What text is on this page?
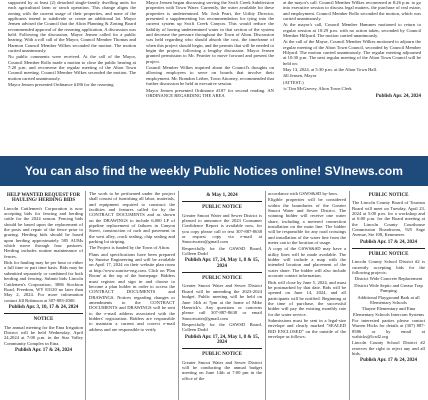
supported by at least (2) detached single-family dwelling units for each agricultural farm or ranch operation. This change aligns the zoning with the current usage of their properties, and none of the applicants intend to subdivide or create an additional lot. Mayor Jensen advised the Council that the Alton Planning & Zoning Board recommended approval of the rezoning application. A discussion was held. Following the discussion, Mayor Jensen called for a public hearing. With a roll call of the Mayor, Council Member Thomas and Harmon Council Member Wilkes seconded the motion. The motion carried unanimously.

No public comments were received. At the call of the Mayor, Council Member Rollo made a motion to close the public hearing at 7:20 p.m. and reconvene the regular meeting of the Alton Town Council meeting. Council Member Wilkes seconded the motion. The motion carried unanimously.

Mayor Jensen presented Ordinance #186 for the rezoning

Mayor Jensen began discussing serving the Swift Creek Subdivision properties with Town Water. Currently, the water available for these properties is undetermined. Mr. Josh Peart, the Utility Director, presented a supplementing his recommendation for tying into the current system up Swift Creek Canyon. This would reduce the liability of having undetermined water in that section of the system and decrease the pressure throughout the Town of Alton. Discussion was held regarding who should absorb the cost, the timeframe of when this project should begin, and the permits that will be needed to begin the project, following a lengthy discussion. Mayor Jensen granted permission to Mr. Peartier to move forward and present the project.

Council Member Wilkes inquired about the Council's thoughts on allowing employees to serve on boards that involve their employment. Mr. Brandon Leiber, Town Attorney, recommended that further discussion be held in executive session.

Mayor Jensen presented Ordinance #187 for second reading. AN ORDINANCE REGARDING THE AREA

at the mayor's call. Council Member Wilkes reconvened at 8:26 p.m. to go into executive session to discuss legal matters, the purchase of real estate, and employment. Council Member Rollo seconded the motion, which was carried unanimously.

At the mayor's call, Council Member Hammes motioned to return to regular session at 10:29 p.m. with no action taken, seconded by Council Member Hillyard. The motion carried unanimously.

At the call of the Mayor, Council Member Wilkes motioned to adjourn the regular meeting of the Alton Town Council, seconded by Council Member Hilyard. The motion carried unanimously. The regular meeting adjourned at 10:30 p.m. The next regular meeting of the Alton Town Council will be held on:

May 13, 2024, at 5:30 p.m. at the Alton Town Hall.

Jill Jensen, Mayor

(ATTEST:)

/s/ Tim McGarvey, Alton Town Clerk

Publish Apr. 24, 2024
You can also find the weekly Public Notices online! SVInews.com
HELP WANTED REQUEST FOR HAULING/ HERDING BIDS

Lincoln Cattlemen's Corporation is now accepting bids for fencing and herding cattle for the 2024 season. Fencing bids should be based upon the replacement of the posts and repair of the fence prior to grazing. Herding bids should be based upon herding approximately 585 AUMs which move through four pastures. Herding includes routine maintenance of fences.

Bids for hauling may be per hour or either a full time or part time basis. Bids may be submitted separately or combined for both herding and fencing. Submit bids Lincoln Cattlemen's Corporation, 3886 Stockton Road, Freedom, WY 83120 no later than May 2, 2024. For more information contact Jill Robinson at 307-883-2000.

Publish Apr. 3, 10, 17 & 24, 2024
NOTICE

The annual meeting for the Etna Irrigation District will be held Wednesday, April 24,2024 at 7:00 p.m. in the Star Valley Community Complex in Etna.

Publish Apr. 17 & 24, 2024

The work to be performed under the project shall consist of furnishing all labor, materials, and equipment required to construct the facilities and features called for by the CONTRACT DOCUMENTS and as shown on the DRAWINGS to include 6,000 LF of pipeline replacement of failures in Canyon Street, construction of curb and pavement in the west alley, crack sealing, chip sealing and parking lot striping.

The Project is funded by the Town of Afton.

Plans and specifications have been prepared by Sunrise Engineering and will be available on April 17, 2024 on their website plan room at http://www.sunrise-eng.com. Click on 'Plan Room' at the top of the homepage. Bidders must register and sign in and choose to become a plan holder in order to access the CONTRACT DOCUMENTS and DRAWINGS. Notices regarding changes or amendments to the CONTRACT DOCUMENTS and DRAWINGS will be sent to the e-mail address associated with the bidders' registration. Bidders are responsible to maintain a current and correct e-mail address and are responsible to verify

& May 1, 2024
PUBLIC NOTICE

Greater Smoot Water and Sewer District is pleased to announce the 2023 Consumer Confidence Report is available now, for you copy please call or text 307-887-8638 or request copy via e-mail at Smootwater@gmail.com

Respectfully for the GSWSD Board, Colleen Dodd

Publish Apr. 17, 24, May 1, 8 & 15, 2024
PUBLIC NOTICE

Greater Smoot Water and Sewer District Board will be amending the 2023-2024 budget. Public meeting will be held on June 14th at 7pm at the home of Mike Hamrick's. Any questions or concerns please call 307-887-8638 or email Smootwater@gmail.com

Respectfully for the GSWSD Board, Colleen Dodd

Publish Apr. 17, 24, May 1, 8 & 15, 2024
PUBLIC NOTICE

Greater Smoot Water and Sewer District will be conducting the annual budget meeting on June 14th at 7:00 pm in the office of the

accordance with GSWS&SD by-laws.

Eligible properties will be considered within the boundaries of the Greater Smoot Water and Sewer District. The winning bidder will receive one water share, including a metered connection installation on the main line. The bidder will be responsible for any road crossings and installation of the water line from the meter can to the location of usage.

A copy of the GSWS&SD may have a utility lines will be made available. The bidder will include a map with the intended location and placement of the water share. The bidder will also include accurate contact information.

Bids will close by June 5, 2024, and must be postmarked by that date. Bids will be opened on June 14, 2024, and all participants will be notified. Beginning at the time of purchase, the successful bidder will pay the existing monthly rate for the water service.

Submissions must be sent in a legal-size envelope and clearly marked "SEALED BID ENCLOSED" on the outside of the envelope as follows:

PUBLIC NOTICE

The Lincoln County Board of Tourism Board will meet on Tuesday, April 23, 2024 at 5:00 p.m. for a workshop and at 6:00 p.m. for the Board meeting at the Lincoln County Courthouse Commission Boardroom, 925 Sage Avenue, Ste 108, Kemmerer.

Publish Apr. 17 & 24, 2024
PUBLIC NOTICE

Lincoln County School District #2 is currently accepting bids for the following projects:

District Wide Concrete Replacement

District Wide Septic and Grease Trap Pumping

Additional Playground Bark at all Elementary Schools

Thayne Elementary and Etna Elementary Schools Intercom Systems

For interested parties please contact Warren Hicks for details at (307) 887-8586 or by email at wahicks@lcsd2.org

Lincoln County School District #2 reserves the right to reject any and all bids.

Publish Apr. 17 & 24, 2024
